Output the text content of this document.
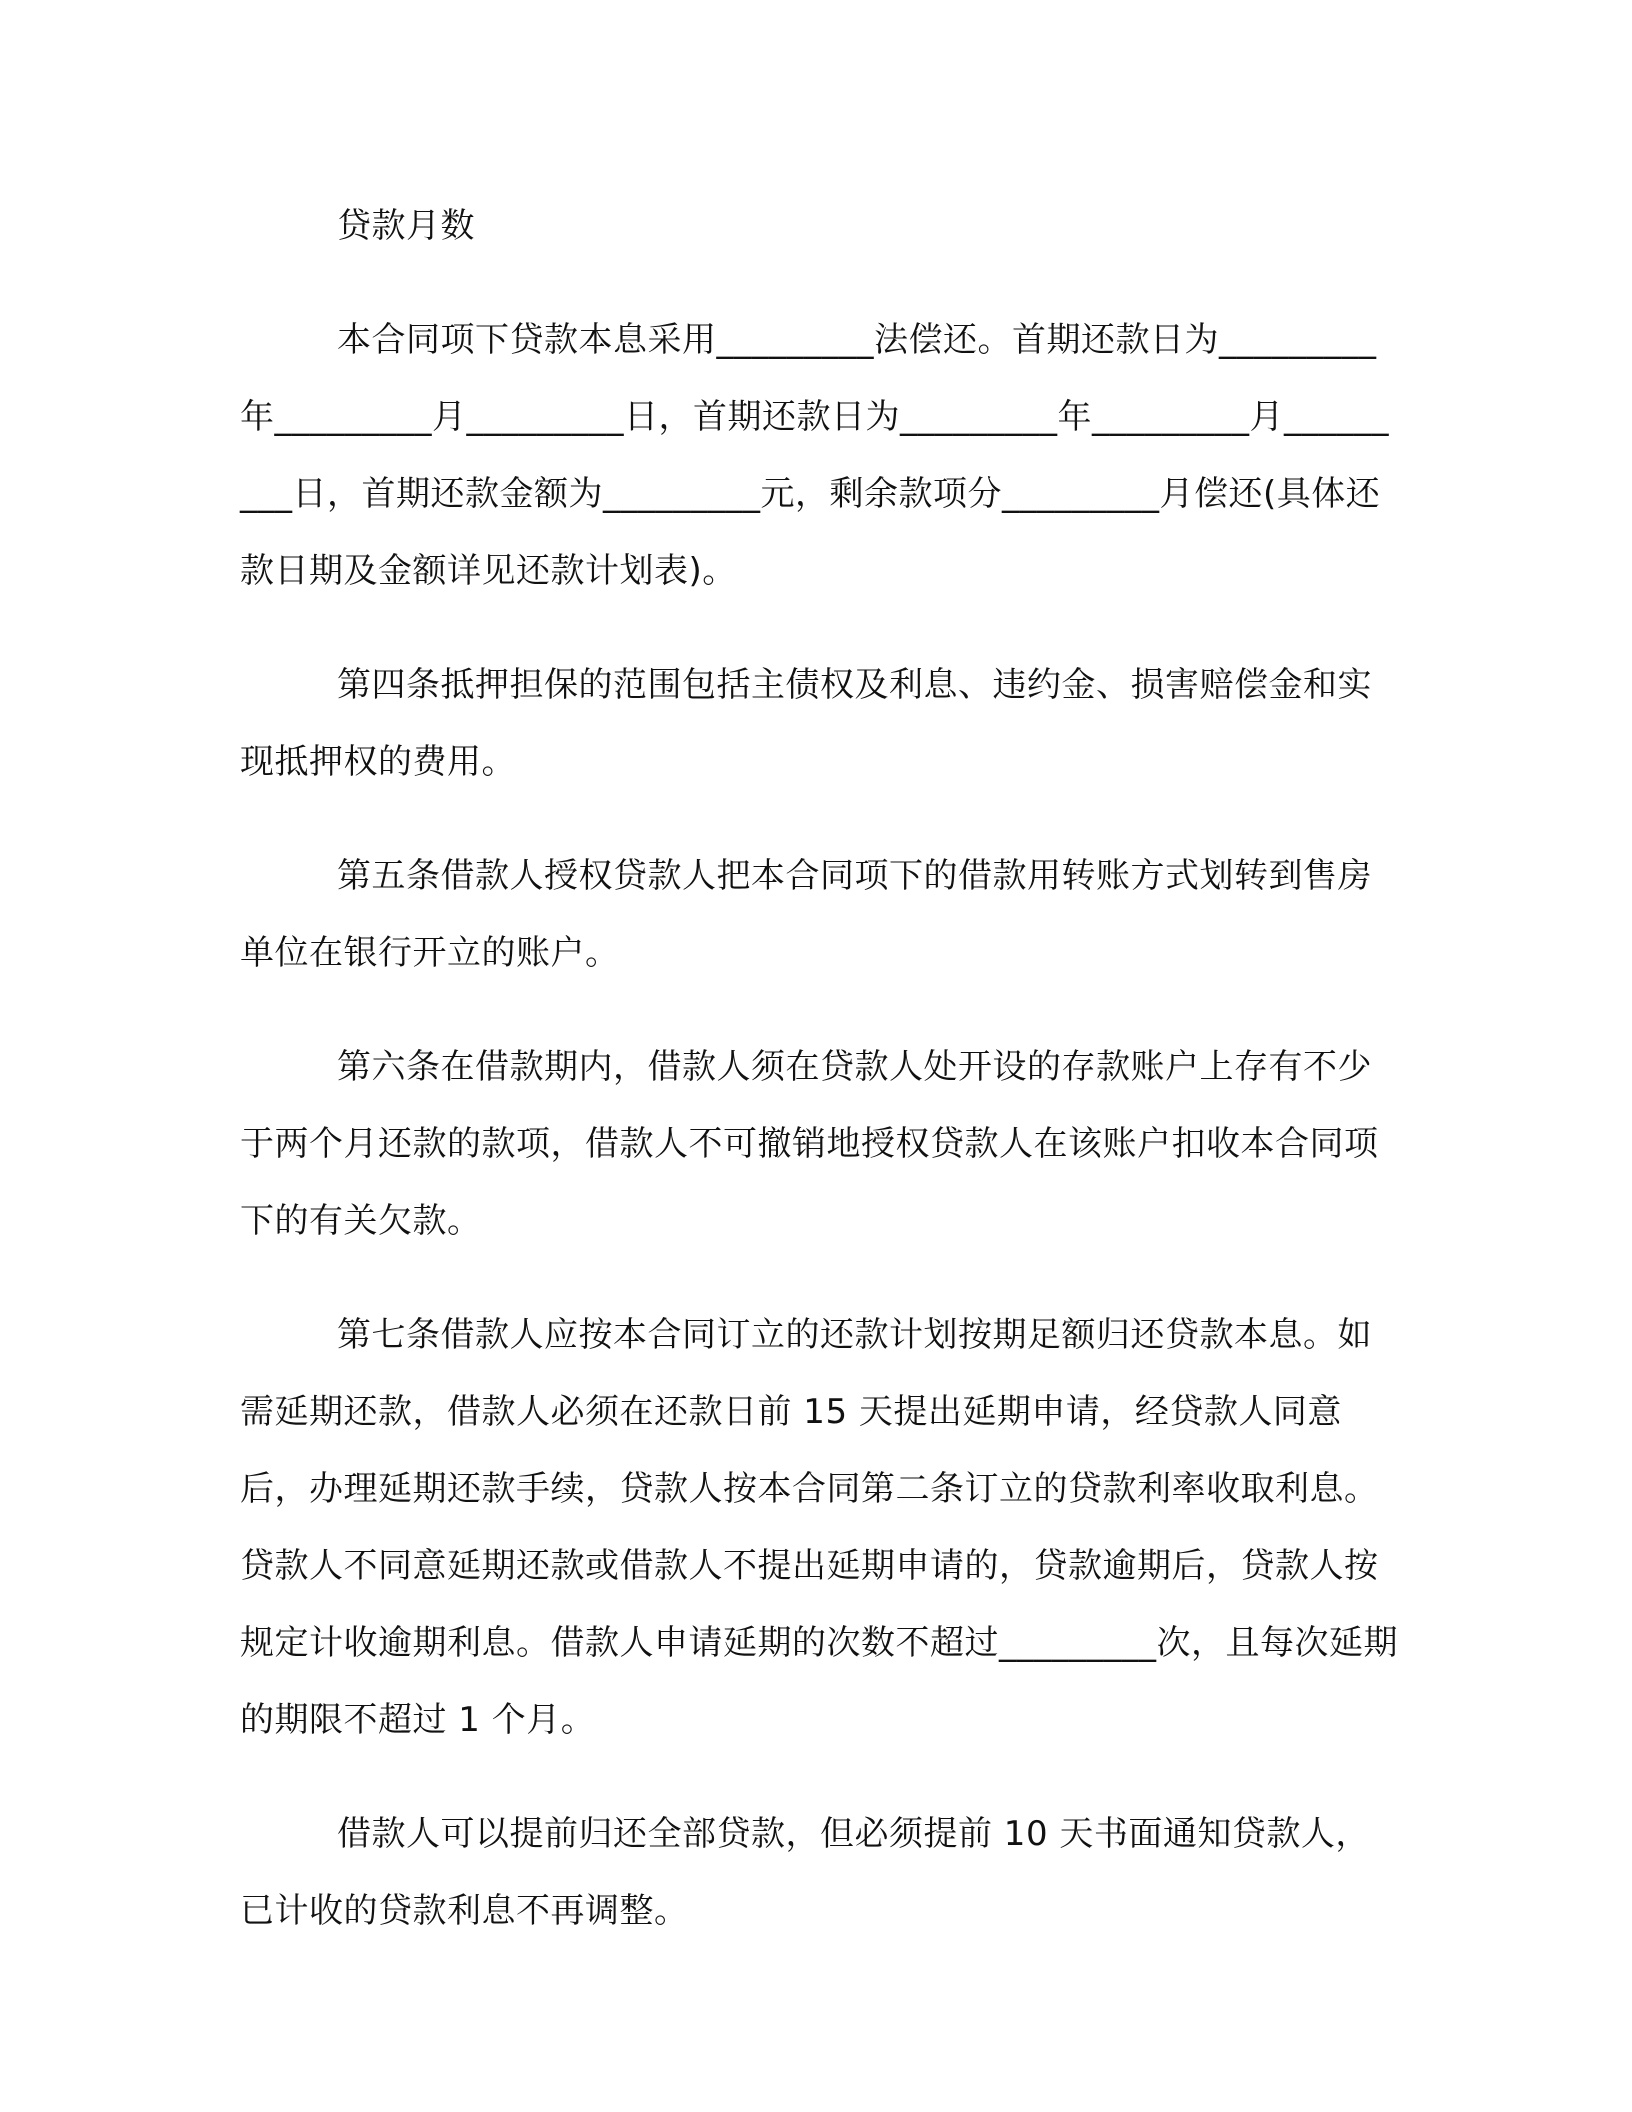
贷款月数

本合同项下贷款本息采用_________法偿还。首期还款日为_________年_________月_________日，首期还款日为_________年_________月_________日，首期还款金额为_________元，剩余款项分_________月偿还(具体还款日期及金额详见还款计划表)。

第四条抵押担保的范围包括主债权及利息、违约金、损害赔偿金和实现抵押权的费用。

第五条借款人授权贷款人把本合同项下的借款用转账方式划转到售房单位在银行开立的账户。

第六条在借款期内，借款人须在贷款人处开设的存款账户上存有不少于两个月还款的款项，借款人不可撤销地授权贷款人在该账户扣收本合同项下的有关欠款。

第七条借款人应按本合同订立的还款计划按期足额归还贷款本息。如需延期还款，借款人必须在还款日前 15 天提出延期申请，经贷款人同意后，办理延期还款手续，贷款人按本合同第二条订立的贷款利率收取利息。贷款人不同意延期还款或借款人不提出延期申请的，贷款逾期后，贷款人按规定计收逾期利息。借款人申请延期的次数不超过_________次，且每次延期的期限不超过 1 个月。

借款人可以提前归还全部贷款，但必须提前 10 天书面通知贷款人，已计收的贷款利息不再调整。
